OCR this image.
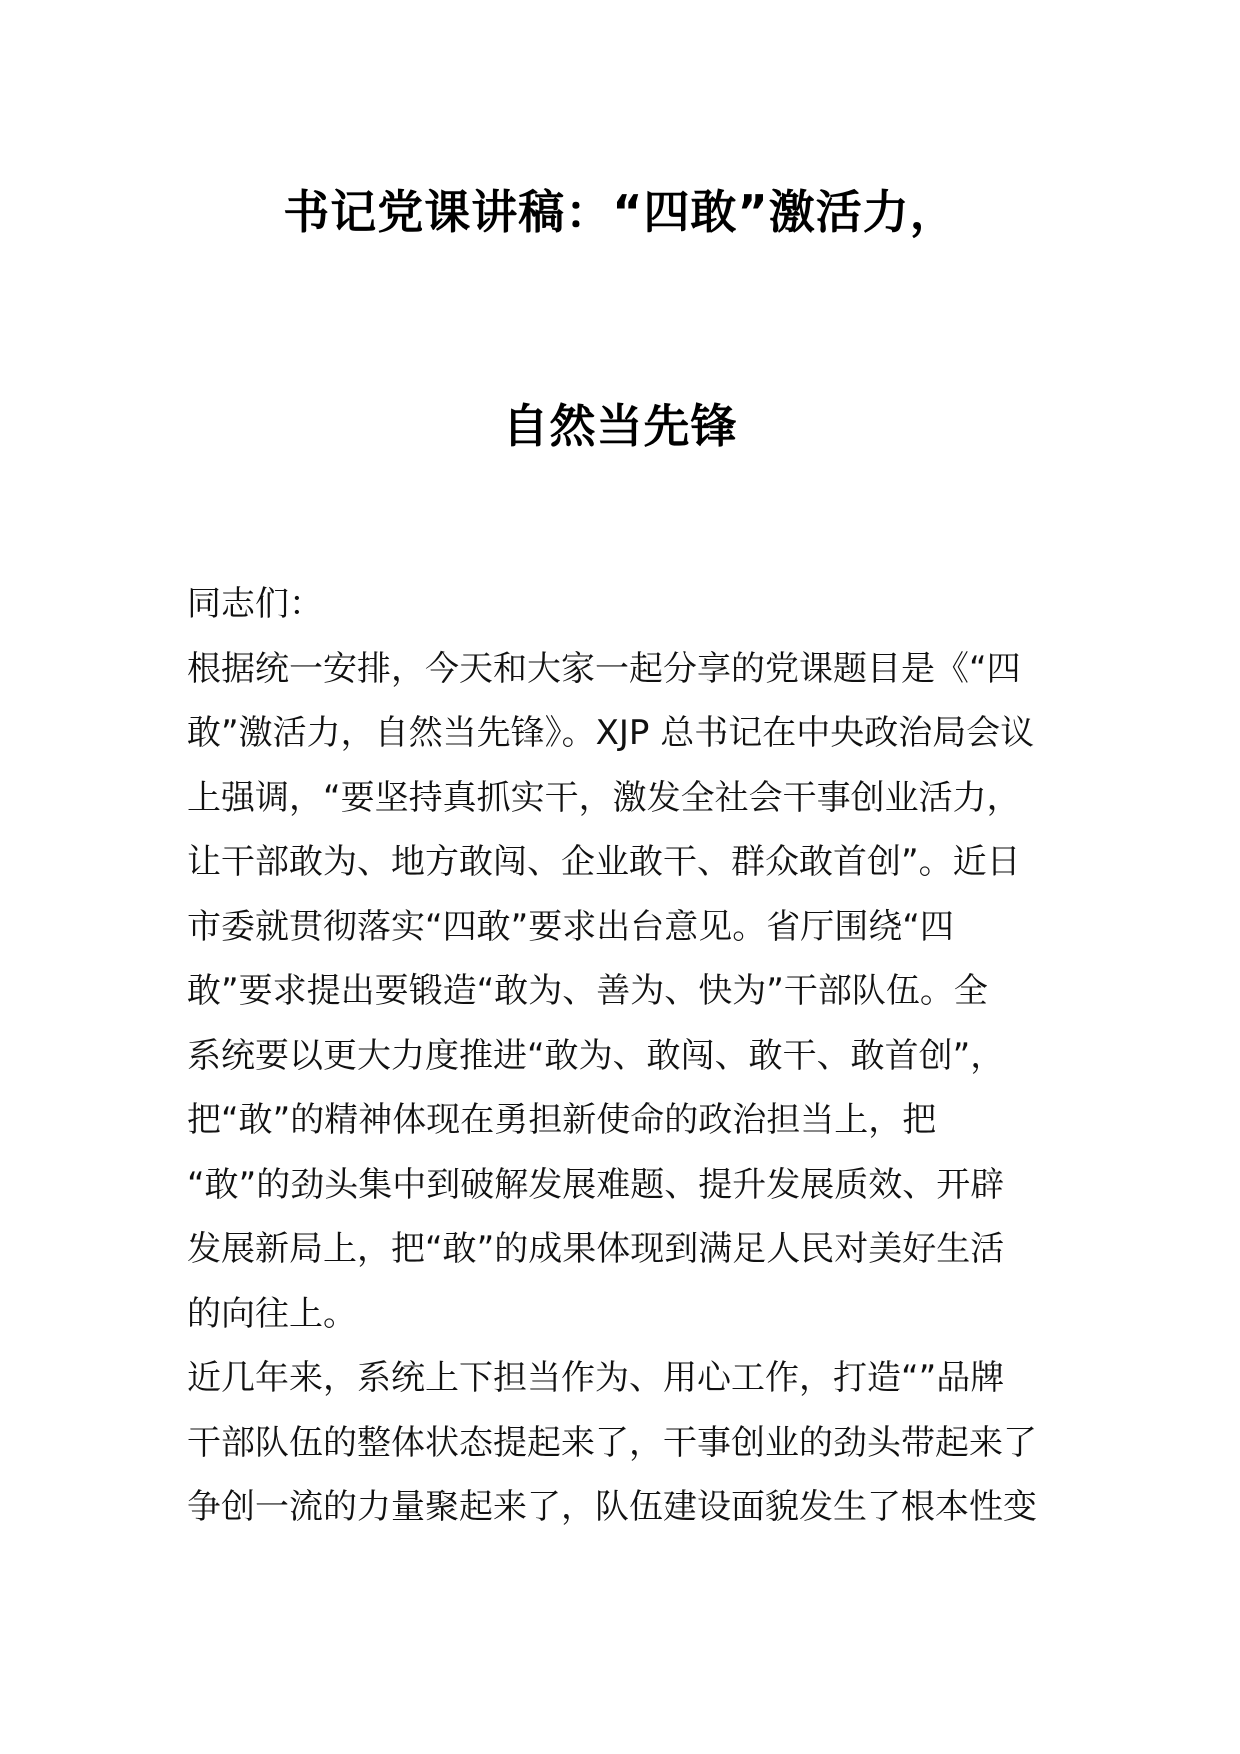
书记党课讲稿：“四敢”激活力，
自然当先锋
同志们：
根据统一安排，今天和大家一起分享的党课题目是《“四
敢”激活力，自然当先锋》。XJP 总书记在中央政治局会议
上强调，“要坚持真抓实干，激发全社会干事创业活力，
让干部敢为、地方敢闯、企业敢干、群众敢首创”。近日
市委就贯彻落实“四敢”要求出台意见。省厅围绕“四
敢”要求提出要锻造“敢为、善为、快为”干部队伍。全
系统要以更大力度推进“敢为、敢闯、敢干、敢首创”，
把“敢”的精神体现在勇担新使命的政治担当上，把
“敢”的劲头集中到破解发展难题、提升发展质效、开辟
发展新局上，把“敢”的成果体现到满足人民对美好生活
的向往上。
近几年来，系统上下担当作为、用心工作，打造“”品牌
干部队伍的整体状态提起来了，干事创业的劲头带起来了
争创一流的力量聚起来了，队伍建设面貌发生了根本性变
